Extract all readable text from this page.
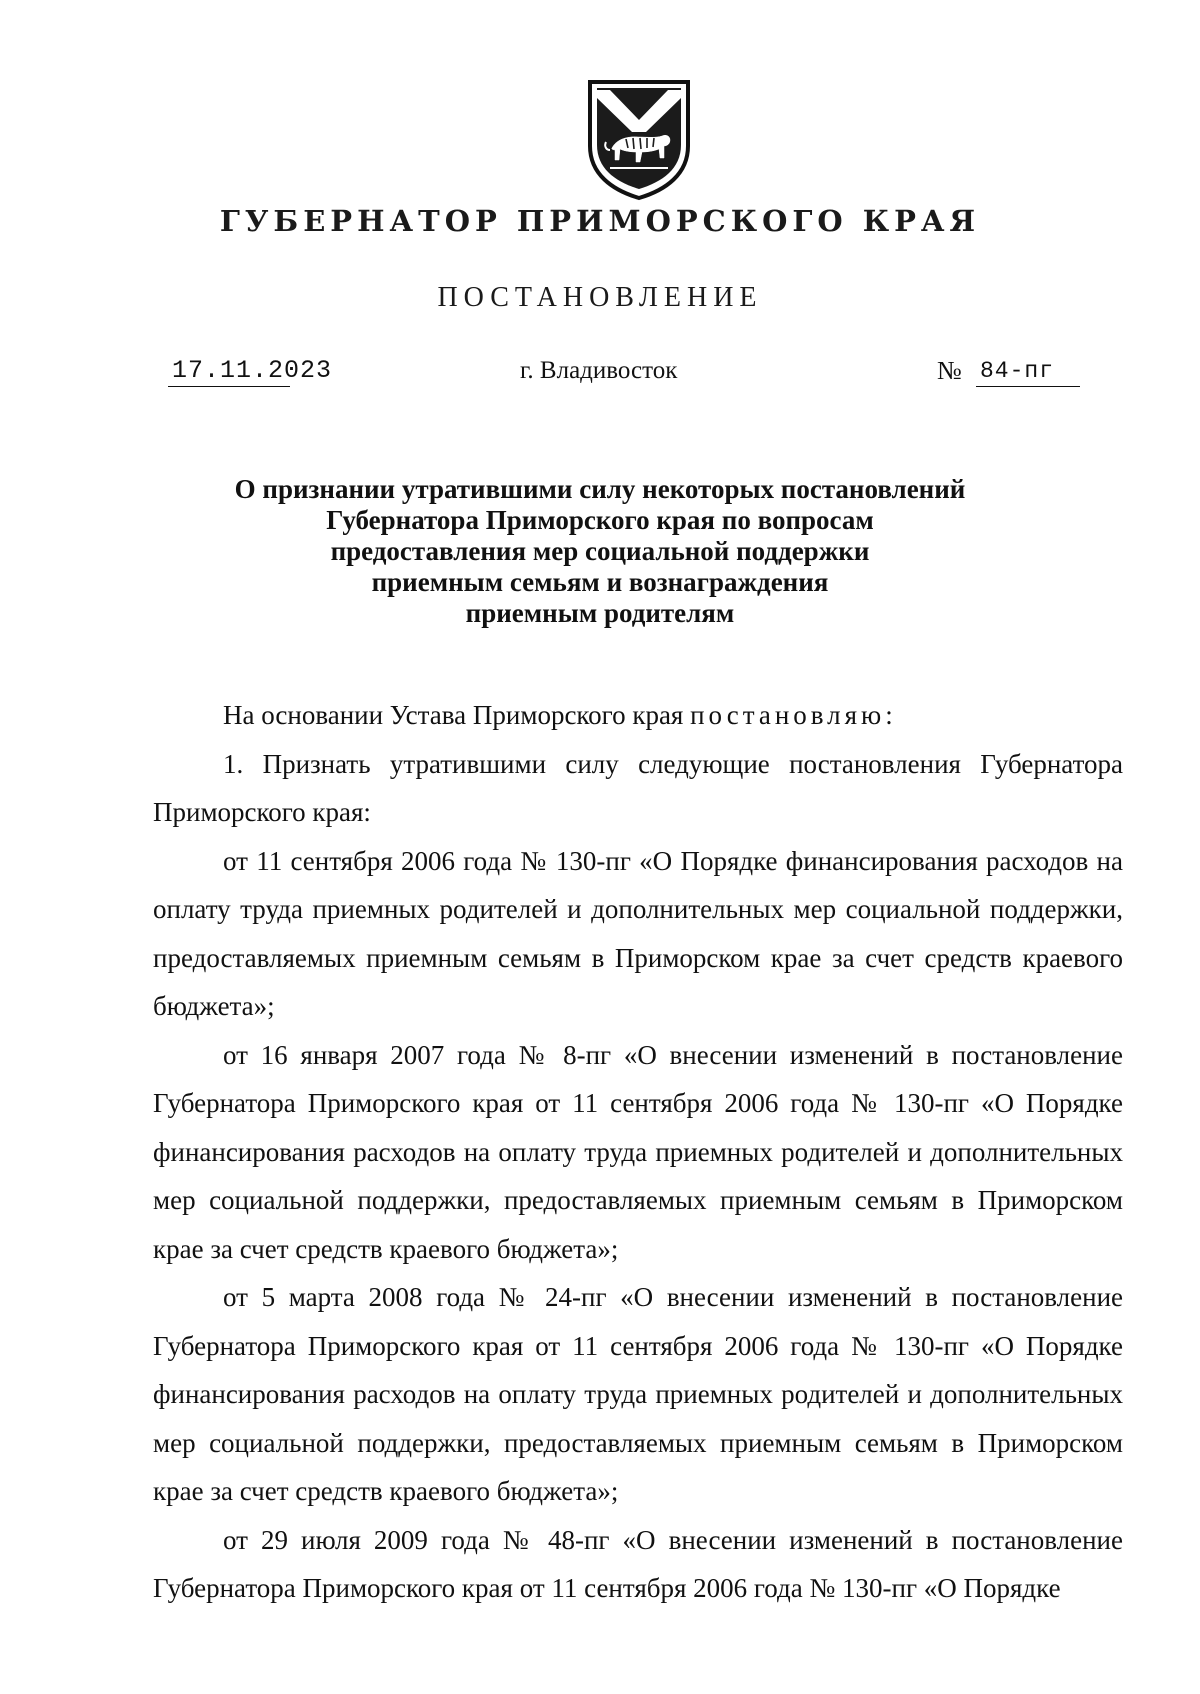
ГУБЕРНАТОР ПРИМОРСКОГО КРАЯ
ПОСТАНОВЛЕНИЕ
17.11.2023	г. Владивосток	№ 84-пг
О признании утратившими силу некоторых постановлений
Губернатора Приморского края по вопросам
предоставления мер социальной поддержки
приемным семьям и вознаграждения
приемным родителям

На основании Устава Приморского края постановляю:

1. Признать утратившими силу следующие постановления Губернатора Приморского края:

от 11 сентября 2006 года № 130-пг «О Порядке финансирования расходов на оплату труда приемных родителей и дополнительных мер социальной поддержки, предоставляемых приемным семьям в Приморском крае за счет средств краевого бюджета»;

от 16 января 2007 года № 8-пг «О внесении изменений в постановление Губернатора Приморского края от 11 сентября 2006 года № 130-пг «О Порядке финансирования расходов на оплату труда приемных родителей и дополнительных мер социальной поддержки, предоставляемых приемным семьям в Приморском крае за счет средств краевого бюджета»;

от 5 марта 2008 года № 24-пг «О внесении изменений в постановление Губернатора Приморского края от 11 сентября 2006 года № 130-пг «О Порядке финансирования расходов на оплату труда приемных родителей и дополнительных мер социальной поддержки, предоставляемых приемным семьям в Приморском крае за счет средств краевого бюджета»;

от 29 июля 2009 года № 48-пг «О внесении изменений в постановление Губернатора Приморского края от 11 сентября 2006 года № 130-пг «О Порядке
